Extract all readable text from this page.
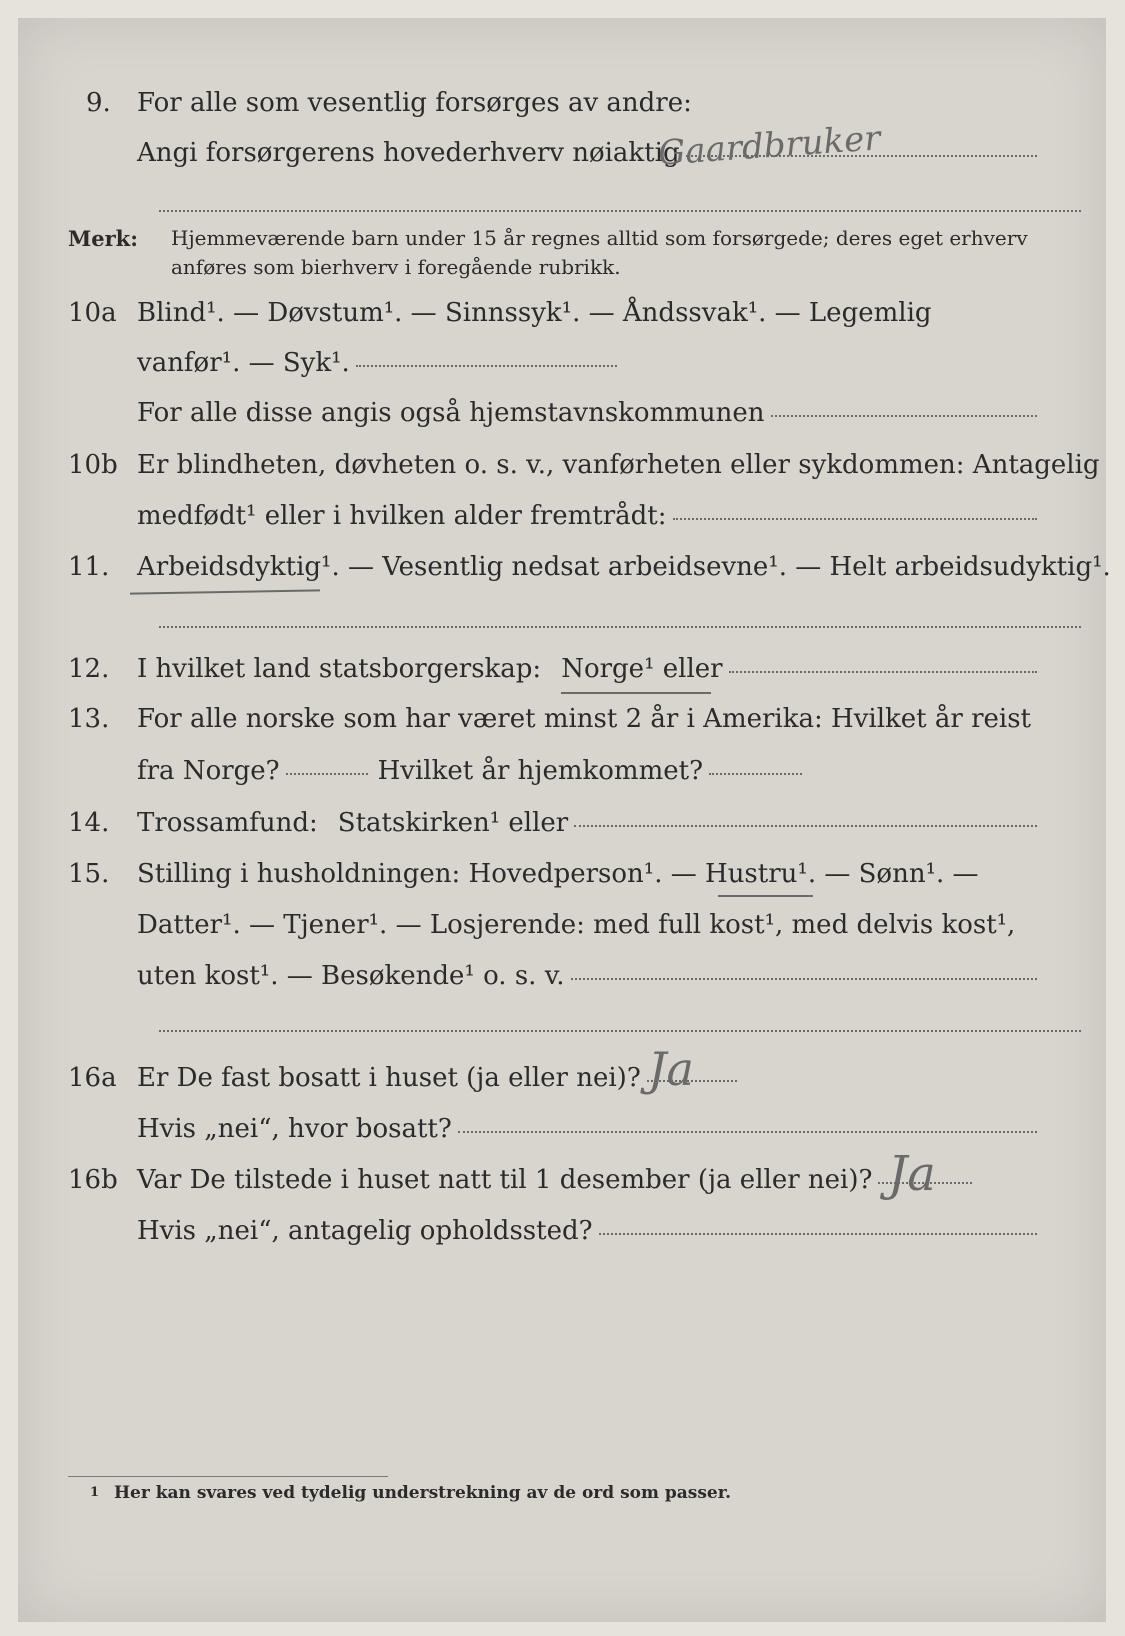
9. For alle som vesentlig forsørges av andre:
Angi forsørgerens hovederhverv nøiaktig
Gaardbruker
Merk: Hjemmeværende barn under 15 år regnes alltid som forsørgede; deres eget erhverv
anføres som bierhverv i foregående rubrikk.
10a Blind¹. — Døvstum¹. — Sinnssyk¹. — Åndssvak¹. — Legemlig
vanfør¹. — Syk¹.
For alle disse angis også hjemstavnskommunen
10b Er blindheten, døvheten o. s. v., vanførheten eller sykdommen: Antagelig
medfødt¹ eller i hvilken alder fremtrådt:
11. Arbeidsdyktig¹. — Vesentlig nedsat arbeidsevne¹. — Helt arbeidsudyktig¹.
12. I hvilket land statsborgerskap: Norge¹ eller
13. For alle norske som har været minst 2 år i Amerika: Hvilket år reist
fra Norge?	Hvilket år hjemkommet?
14. Trossamfund: Statskirken¹ eller
15. Stilling i husholdningen: Hovedperson¹. — Hustru¹. — Sønn¹. —
Datter¹. — Tjener¹. — Losjerende: med full kost¹, med delvis kost¹,
uten kost¹. — Besøkende¹ o. s. v.
16a Er De fast bosatt i huset (ja eller nei)? Ja
Hvis „nei“, hvor bosatt?
16b Var De tilstede i huset natt til 1 desember (ja eller nei)? Ja
Hvis „nei“, antagelig opholdssted?
1 Her kan svares ved tydelig understrekning av de ord som passer.
